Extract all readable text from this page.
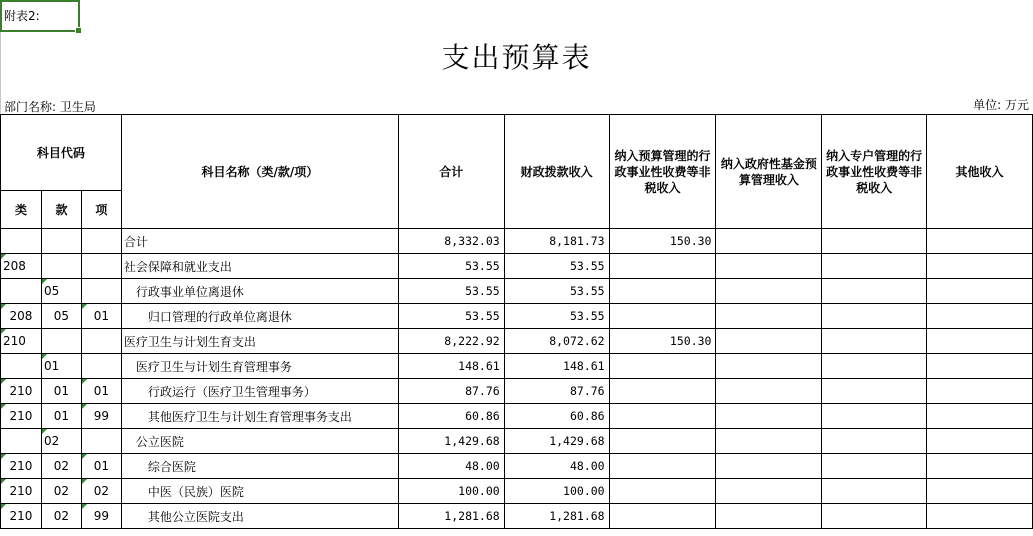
附表2:
支出预算表
部门名称: 卫生局	单位: 万元
科目代码			科目名称（类/款/项）	合计	财政拨款收入	纳入预算管理的行政事业性收费等非税收入	纳入政府性基金预算管理收入	纳入专户管理的行政事业性收费等非税收入	其他收入
类	款	项							
			合计	8,332.03	8,181.73	150.30			
208			社会保障和就业支出	53.55	53.55				
	05		行政事业单位离退休	53.55	53.55				
208	05	01	归口管理的行政单位离退休	53.55	53.55				
210			医疗卫生与计划生育支出	8,222.92	8,072.62	150.30			
	01		医疗卫生与计划生育管理事务	148.61	148.61				
210	01	01	行政运行（医疗卫生管理事务）	87.76	87.76				
210	01	99	其他医疗卫生与计划生育管理事务支出	60.86	60.86				
	02		公立医院	1,429.68	1,429.68				
210	02	01	综合医院	48.00	48.00				
210	02	02	中医（民族）医院	100.00	100.00				
210	02	99	其他公立医院支出	1,281.68	1,281.68				
